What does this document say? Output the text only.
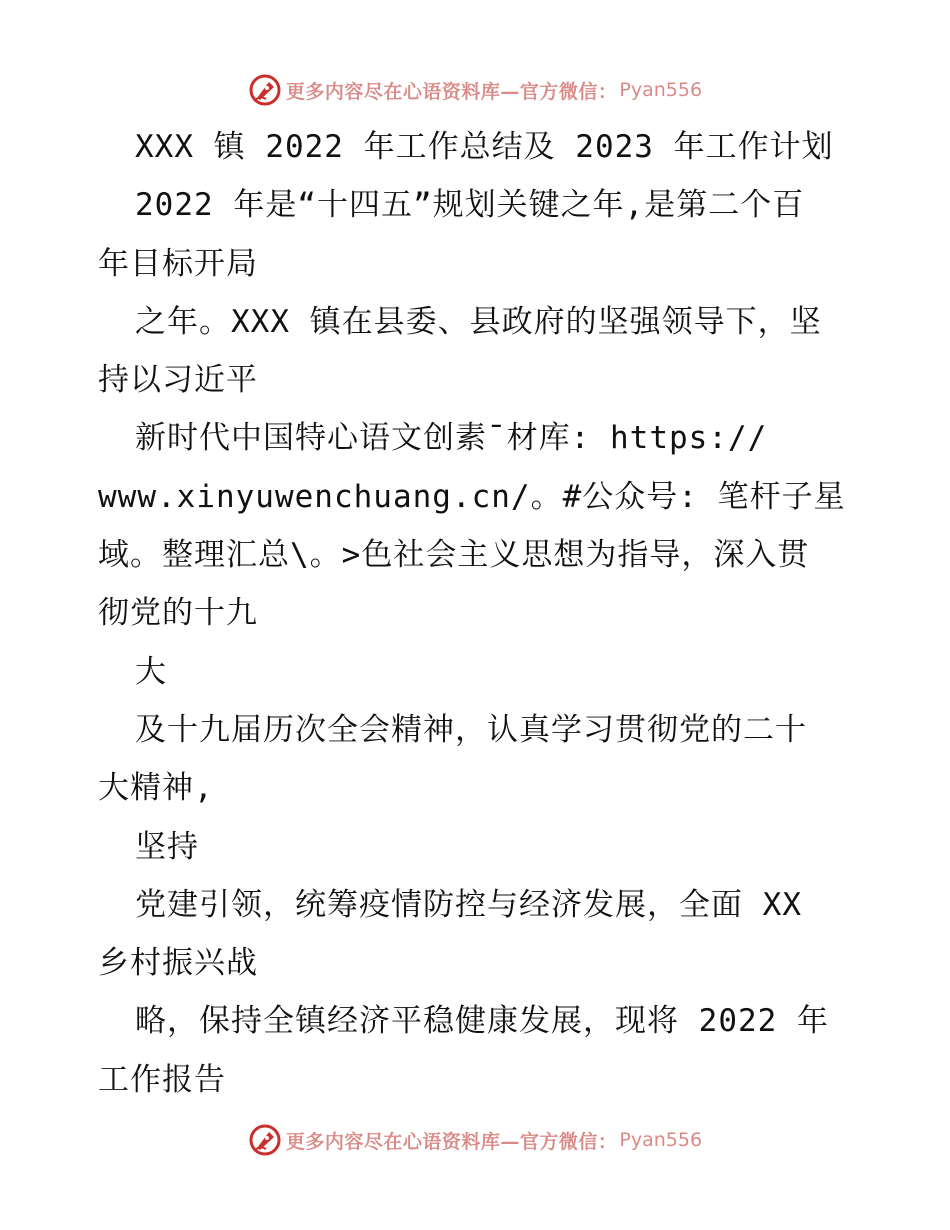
更多内容尽在心语资料库—官方微信： Pyan556
XXX 镇 2022 年工作总结及 2023 年工作计划
2022 年是“十四五”规划关键之年,是第二个百
年目标开局
之年。XXX 镇在县委、县政府的坚强领导下，坚
持以习近平
新时代中国特心语文创素¯材库: https://
www.xinyuwenchuang.cn/。#公众号: 笔杆子星
域。整理汇总\。>色社会主义思想为指导，深入贯
彻党的十九
大
及十九届历次全会精神，认真学习贯彻党的二十
大精神,
坚持
党建引领，统筹疫情防控与经济发展，全面 XX
乡村振兴战
略，保持全镇经济平稳健康发展，现将 2022 年
工作报告
更多内容尽在心语资料库—官方微信： Pyan556
